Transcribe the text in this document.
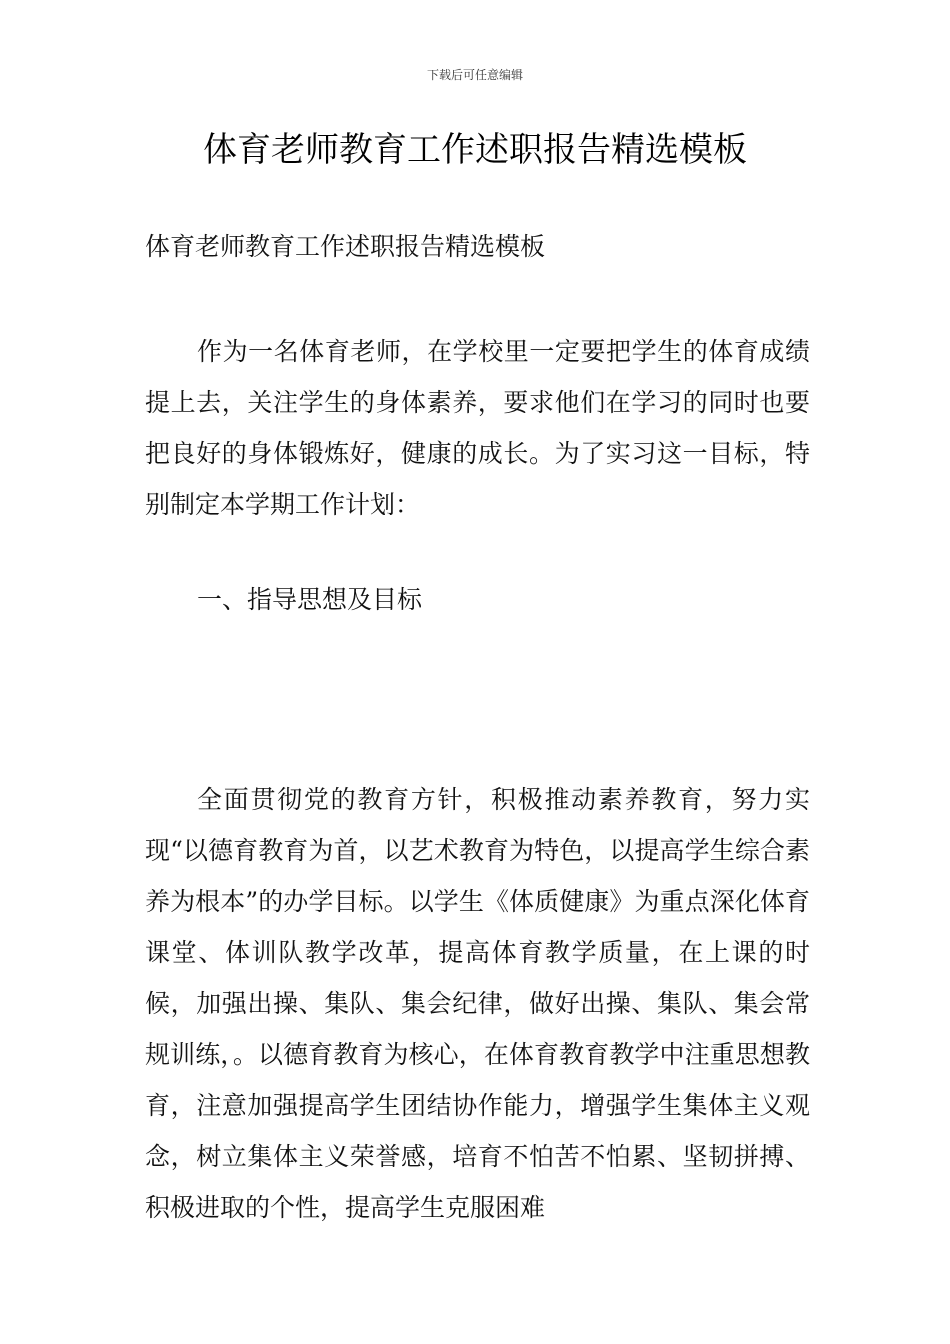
下载后可任意编辑
体育老师教育工作述职报告精选模板

体育老师教育工作述职报告精选模板

作为一名体育老师，在学校里一定要把学生的体育成绩提上去，关注学生的身体素养，要求他们在学习的同时也要把良好的身体锻炼好，健康的成长。为了实习这一目标，特别制定本学期工作计划：

一、指导思想及目标

全面贯彻党的教育方针，积极推动素养教育，努力实现“以德育教育为首，以艺术教育为特色，以提高学生综合素养为根本”的办学目标。以学生《体质健康》为重点深化体育课堂、体训队教学改革，提高体育教学质量，在上课的时候，加强出操、集队、集会纪律，做好出操、集队、集会常规训练，。以德育教育为核心，在体育教育教学中注重思想教育，注意加强提高学生团结协作能力，增强学生集体主义观念，树立集体主义荣誉感，培育不怕苦不怕累、坚韧拼搏、积极进取的个性，提高学生克服困难
